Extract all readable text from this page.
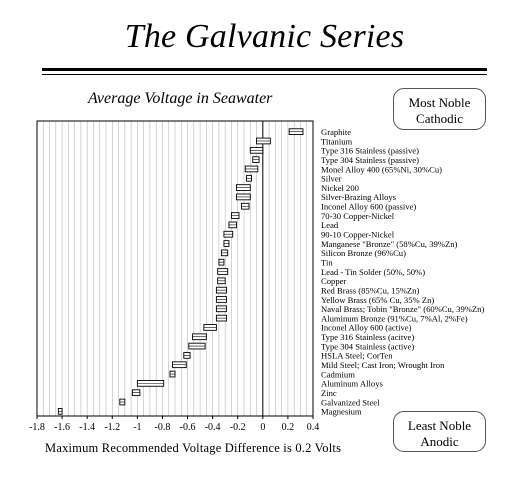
-1.8 -1.6 -1.4 -1.2 -1 -0.8 -0.6 -0.4 -0.2 0 0.2 0.4
Graphite
Titanium
Type 316 Stainless (passive)
Type 304 Stainless (passive)
Monel Alloy 400 (65%Ni, 30%Cu)
Silver
Nickel 200
Silver-Brazing Alloys
Inconel Alloy 600 (passive)
70-30 Copper-Nickel
Lead
90-10 Copper-Nickel
Manganese "Bronze" (58%Cu, 39%Zn)
Silicon Bronze (96%Cu)
Tin
Lead - Tin Solder (50%, 50%)
Copper
Red Brass (85%Cu, 15%Zn)
Yellow Brass (65% Cu, 35% Zn)
Naval Brass; Tobin "Bronze" (60%Cu, 39%Zn)
Aluminum Bronze (91%Cu, 7%Al, 2%Fe)
Inconel Alloy 600 (active)
Type 316 Stainless (acitve)
Type 304 Stainless (active)
HSLA Steel; CorTen
Mild Steel; Cast Iron; Wrought Iron
Cadmium
Aluminum Alloys
Zinc
Galvanized Steel
Magnesium
The Galvanic Series
Average Voltage in Seawater	Most Noble
Cathodic
Least Noble
Anodic
Maximum Recommended Voltage Difference is 0.2 Volts
